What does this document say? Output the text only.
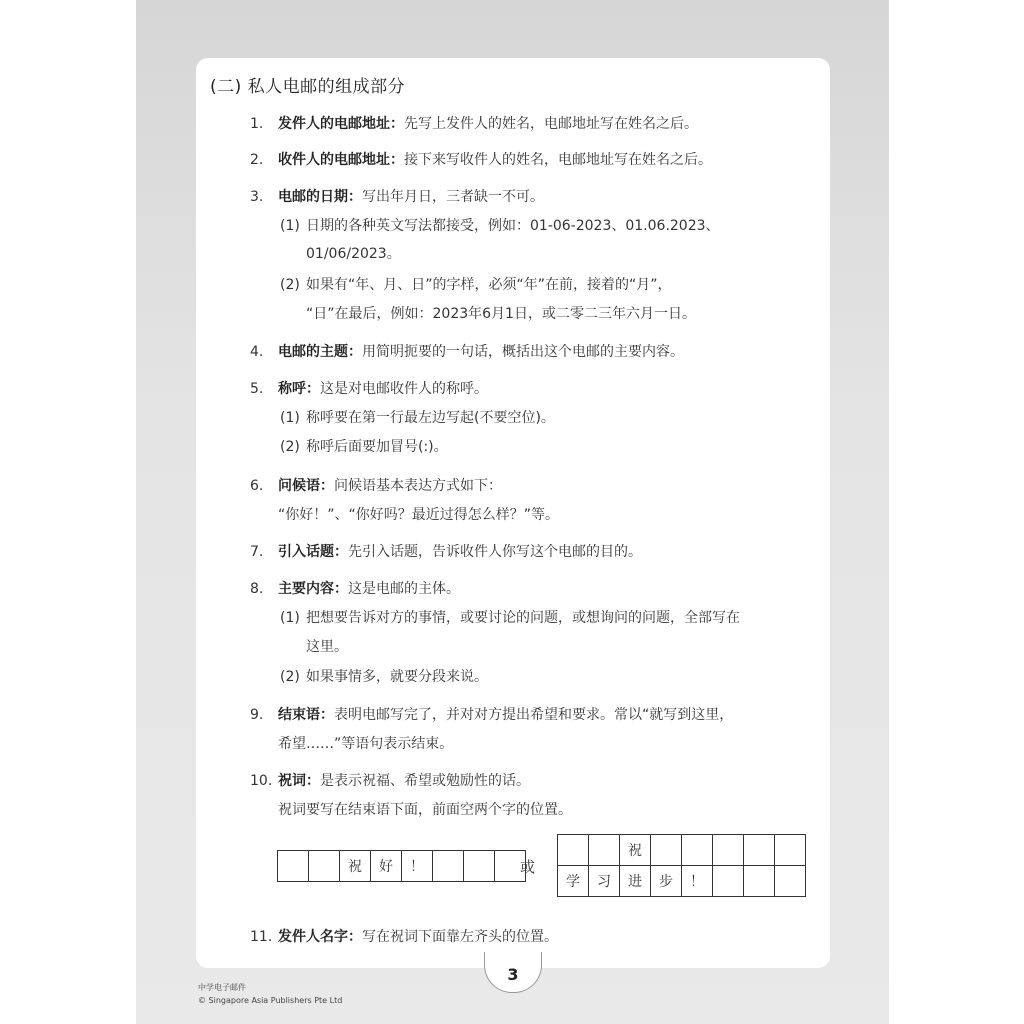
(二) 私人电邮的组成部分
1. 发件人的电邮地址：先写上发件人的姓名，电邮地址写在姓名之后。
2. 收件人的电邮地址：接下来写收件人的姓名，电邮地址写在姓名之后。
3. 电邮的日期：写出年月日，三者缺一不可。
(1) 日期的各种英文写法都接受，例如：01-06-2023、01.06.2023、
01/06/2023。
(2) 如果有“年、月、日”的字样，必须“年”在前，接着的“月”，
“日”在最后，例如：2023年6月1日，或二零二三年六月一日。
4. 电邮的主题：用简明扼要的一句话，概括出这个电邮的主要内容。
5. 称呼：这是对电邮收件人的称呼。
(1) 称呼要在第一行最左边写起(不要空位)。
(2) 称呼后面要加冒号(:)。
6. 问候语：问候语基本表达方式如下：
“你好！”、“你好吗？最近过得怎么样？”等。
7. 引入话题：先引入话题，告诉收件人你写这个电邮的目的。
8. 主要内容：这是电邮的主体。
(1) 把想要告诉对方的事情，或要讨论的问题，或想询问的问题，全部写在
这里。
(2) 如果事情多，就要分段来说。
9. 结束语：表明电邮写完了，并对对方提出希望和要求。常以“就写到这里，
希望……”等语句表示结束。
10. 祝词：是表示祝福、希望或勉励性的话。
祝词要写在结束语下面，前面空两个字的位置。
		祝	好	！				或
		祝					
学	习	进	步	！			
11. 发件人名字：写在祝词下面靠左齐头的位置。
3
中学电子邮件
© Singapore Asia Publishers Pte Ltd
